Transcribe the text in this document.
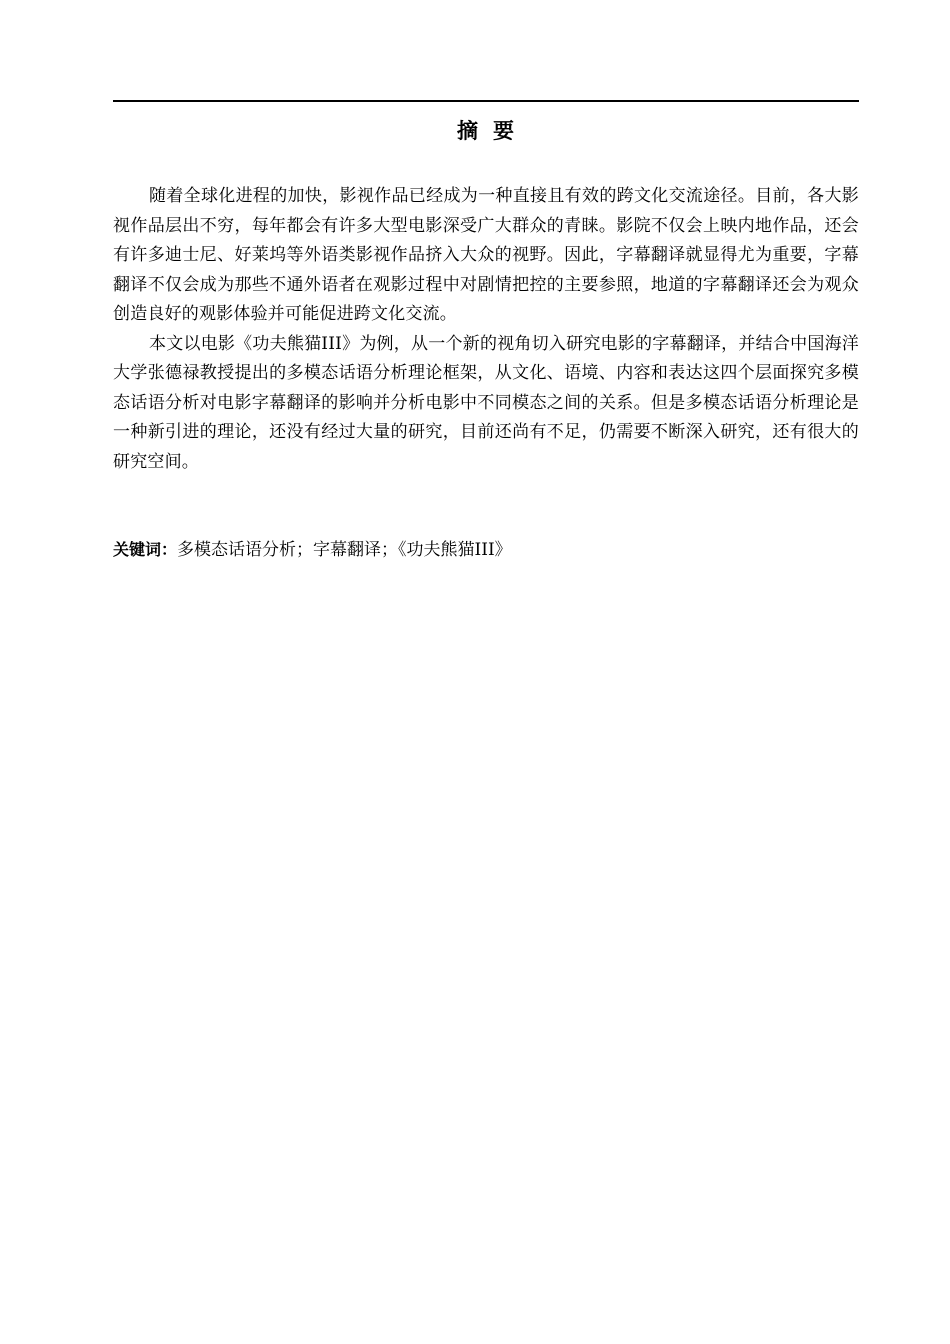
摘 要

随着全球化进程的加快，影视作品已经成为一种直接且有效的跨文化交流途径。目前，各大影视作品层出不穷，每年都会有许多大型电影深受广大群众的青睐。影院不仅会上映内地作品，还会有许多迪士尼、好莱坞等外语类影视作品挤入大众的视野。因此，字幕翻译就显得尤为重要，字幕翻译不仅会成为那些不通外语者在观影过程中对剧情把控的主要参照，地道的字幕翻译还会为观众创造良好的观影体验并可能促进跨文化交流。

本文以电影《功夫熊猫III》为例，从一个新的视角切入研究电影的字幕翻译，并结合中国海洋大学张德禄教授提出的多模态话语分析理论框架，从文化、语境、内容和表达这四个层面探究多模态话语分析对电影字幕翻译的影响并分析电影中不同模态之间的关系。但是多模态话语分析理论是一种新引进的理论，还没有经过大量的研究，目前还尚有不足，仍需要不断深入研究，还有很大的研究空间。

关键词：多模态话语分析；字幕翻译；《功夫熊猫III》
